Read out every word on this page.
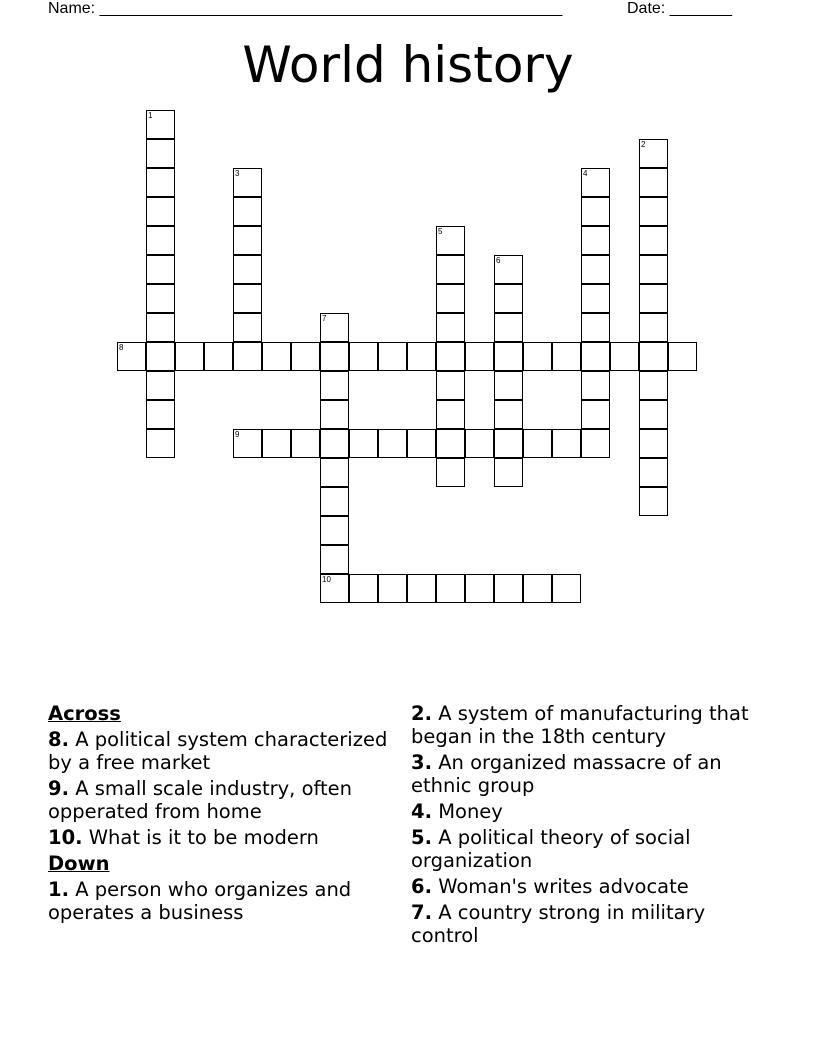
Name: ____________________________________________________	Date: _______
World history
1
2
3	4
5
6
7
10
8
9
Across
8. A political system characterized by a free market
9. A small scale industry, often opperated from home
10. What is it to be modern
Down
1. A person who organizes and operates a business
2. A system of manufacturing that began in the 18th century
3. An organized massacre of an ethnic group
4. Money
5. A political theory of social organization
6. Woman's writes advocate
7. A country strong in military control
